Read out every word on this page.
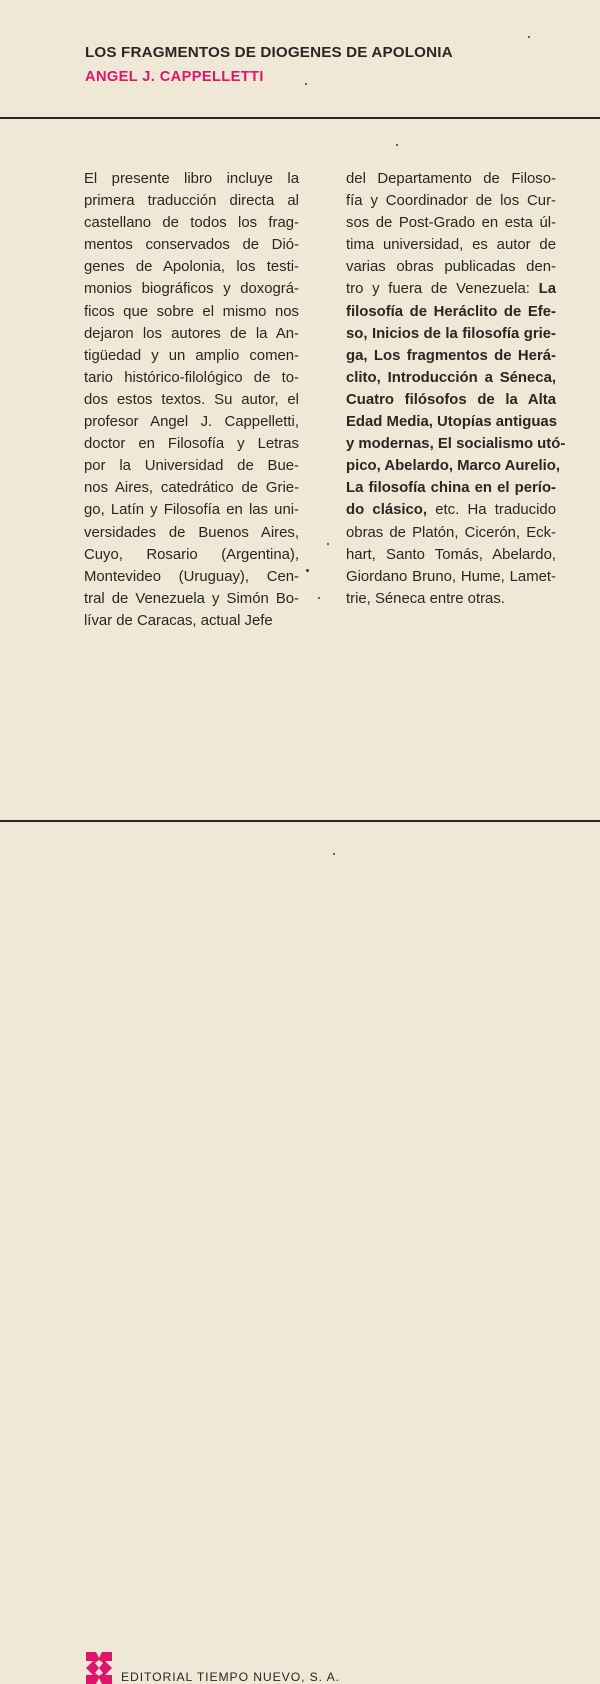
LOS FRAGMENTOS DE DIOGENES DE APOLONIA
ANGEL J. CAPPELLETTI
El presente libro incluye la
primera traducción directa al
castellano de todos los frag-
mentos conservados de Dió-
genes de Apolonia, los testi-
monios biográficos y doxográ-
ficos que sobre el mismo nos
dejaron los autores de la An-
tigüedad y un amplio comen-
tario histórico-filológico de to-
dos estos textos. Su autor, el
profesor Angel J. Cappelletti,
doctor en Filosofía y Letras
por la Universidad de Bue-
nos Aires, catedrático de Grie-
go, Latín y Filosofía en las uni-
versidades de Buenos Aires,
Cuyo, Rosario (Argentina),
Montevideo (Uruguay), Cen-
tral de Venezuela y Simón Bo-
lívar de Caracas, actual Jefe
del Departamento de Filoso-
fía y Coordinador de los Cur-
sos de Post-Grado en esta úl-
tima universidad, es autor de
varias obras publicadas den-
tro y fuera de Venezuela: La
filosofía de Heráclito de Efe-
so, Inicios de la filosofía grie-
ga, Los fragmentos de Herá-
clito, Introducción a Séneca,
Cuatro filósofos de la Alta
Edad Media, Utopías antiguas
y modernas, El socialismo utó-
pico, Abelardo, Marco Aurelio,
La filosofía china en el perío-
do clásico, etc. Ha traducido
obras de Platón, Cicerón, Eck-
hart, Santo Tomás, Abelardo,
Giordano Bruno, Hume, Lamet-
trie, Séneca entre otras.
EDITORIAL TIEMPO NUEVO, S. A.
